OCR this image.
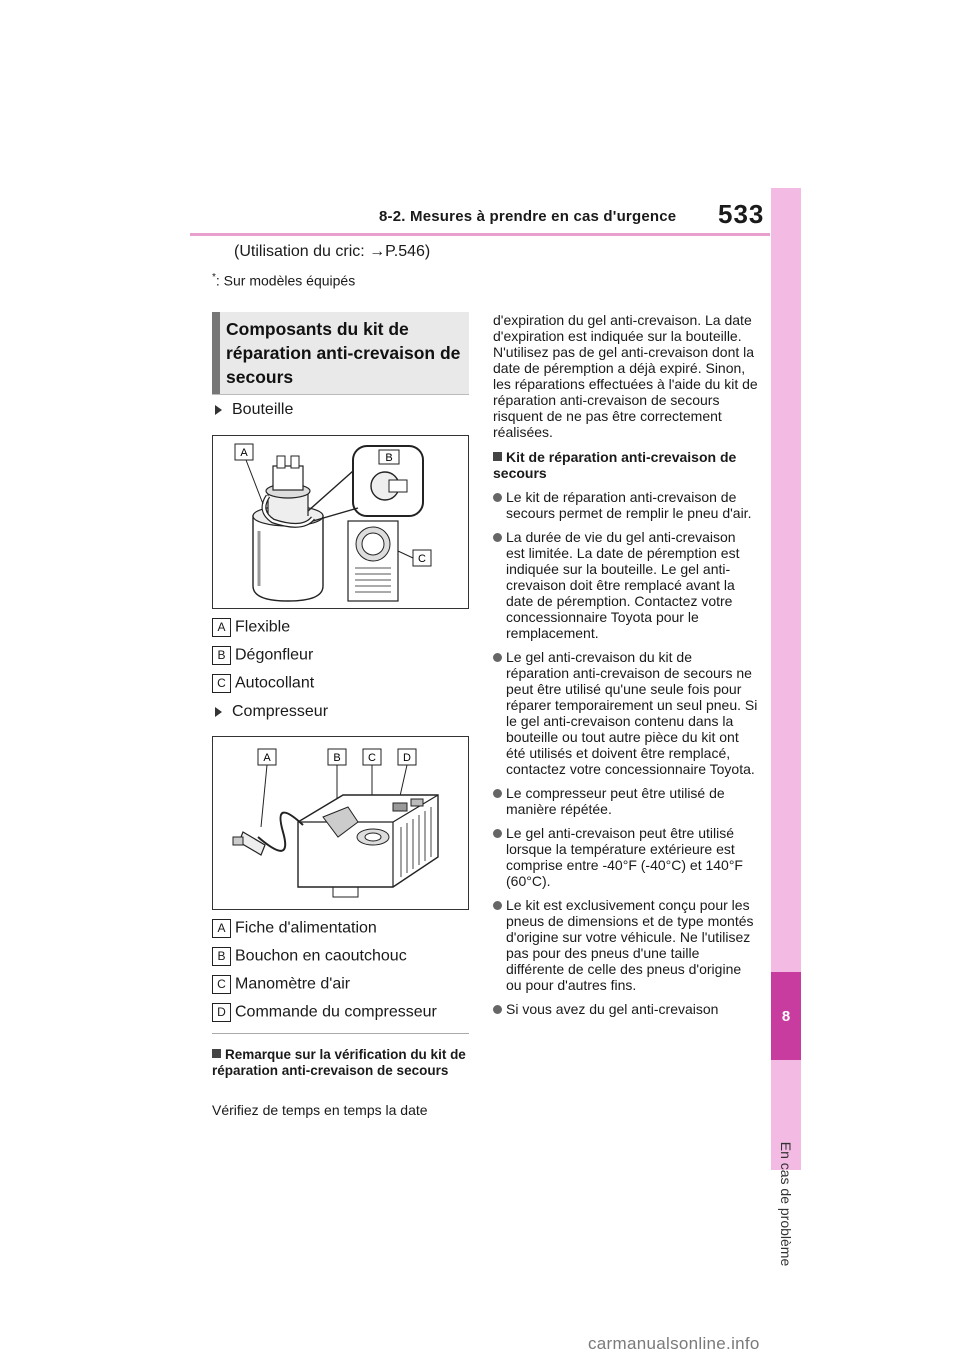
8-2. Mesures à prendre en cas d'urgence 533
8
En cas de problème
(Utilisation du cric: →P.546)
*: Sur modèles équipés
Composants du kit de réparation anti-crevaison de secours
Bouteille
B
C
A
A Flexible
B Dégonfleur
C Autocollant
Compresseur
A	B C D
A Fiche d'alimentation
B Bouchon en caoutchouc
C Manomètre d'air
D Commande du compresseur
Remarque sur la vérification du kit de réparation anti-crevaison de secours
Vérifiez de temps en temps la date
d'expiration du gel anti-crevaison. La date d'expiration est indiquée sur la bouteille. N'utilisez pas de gel anti-crevaison dont la date de péremption a déjà expiré. Sinon, les réparations effectuées à l'aide du kit de réparation anti-crevaison de secours risquent de ne pas être correctement réalisées.
Kit de réparation anti-crevaison de secours
Le kit de réparation anti-crevaison de secours permet de remplir le pneu d'air.
La durée de vie du gel anti-crevaison est limitée. La date de péremption est indiquée sur la bouteille. Le gel anti-crevaison doit être remplacé avant la date de péremption. Contactez votre concessionnaire Toyota pour le remplacement.
Le gel anti-crevaison du kit de réparation anti-crevaison de secours ne peut être utilisé qu'une seule fois pour réparer temporairement un seul pneu. Si le gel anti-crevaison contenu dans la bouteille ou tout autre pièce du kit ont été utilisés et doivent être remplacé, contactez votre concessionnaire Toyota.
Le compresseur peut être utilisé de manière répétée.
Le gel anti-crevaison peut être utilisé lorsque la température extérieure est comprise entre -40°F (-40°C) et 140°F (60°C).
Le kit est exclusivement conçu pour les pneus de dimensions et de type montés d'origine sur votre véhicule. Ne l'utilisez pas pour des pneus d'une taille différente de celle des pneus d'origine ou pour d'autres fins.
Si vous avez du gel anti-crevaison
carmanualsonline.info
